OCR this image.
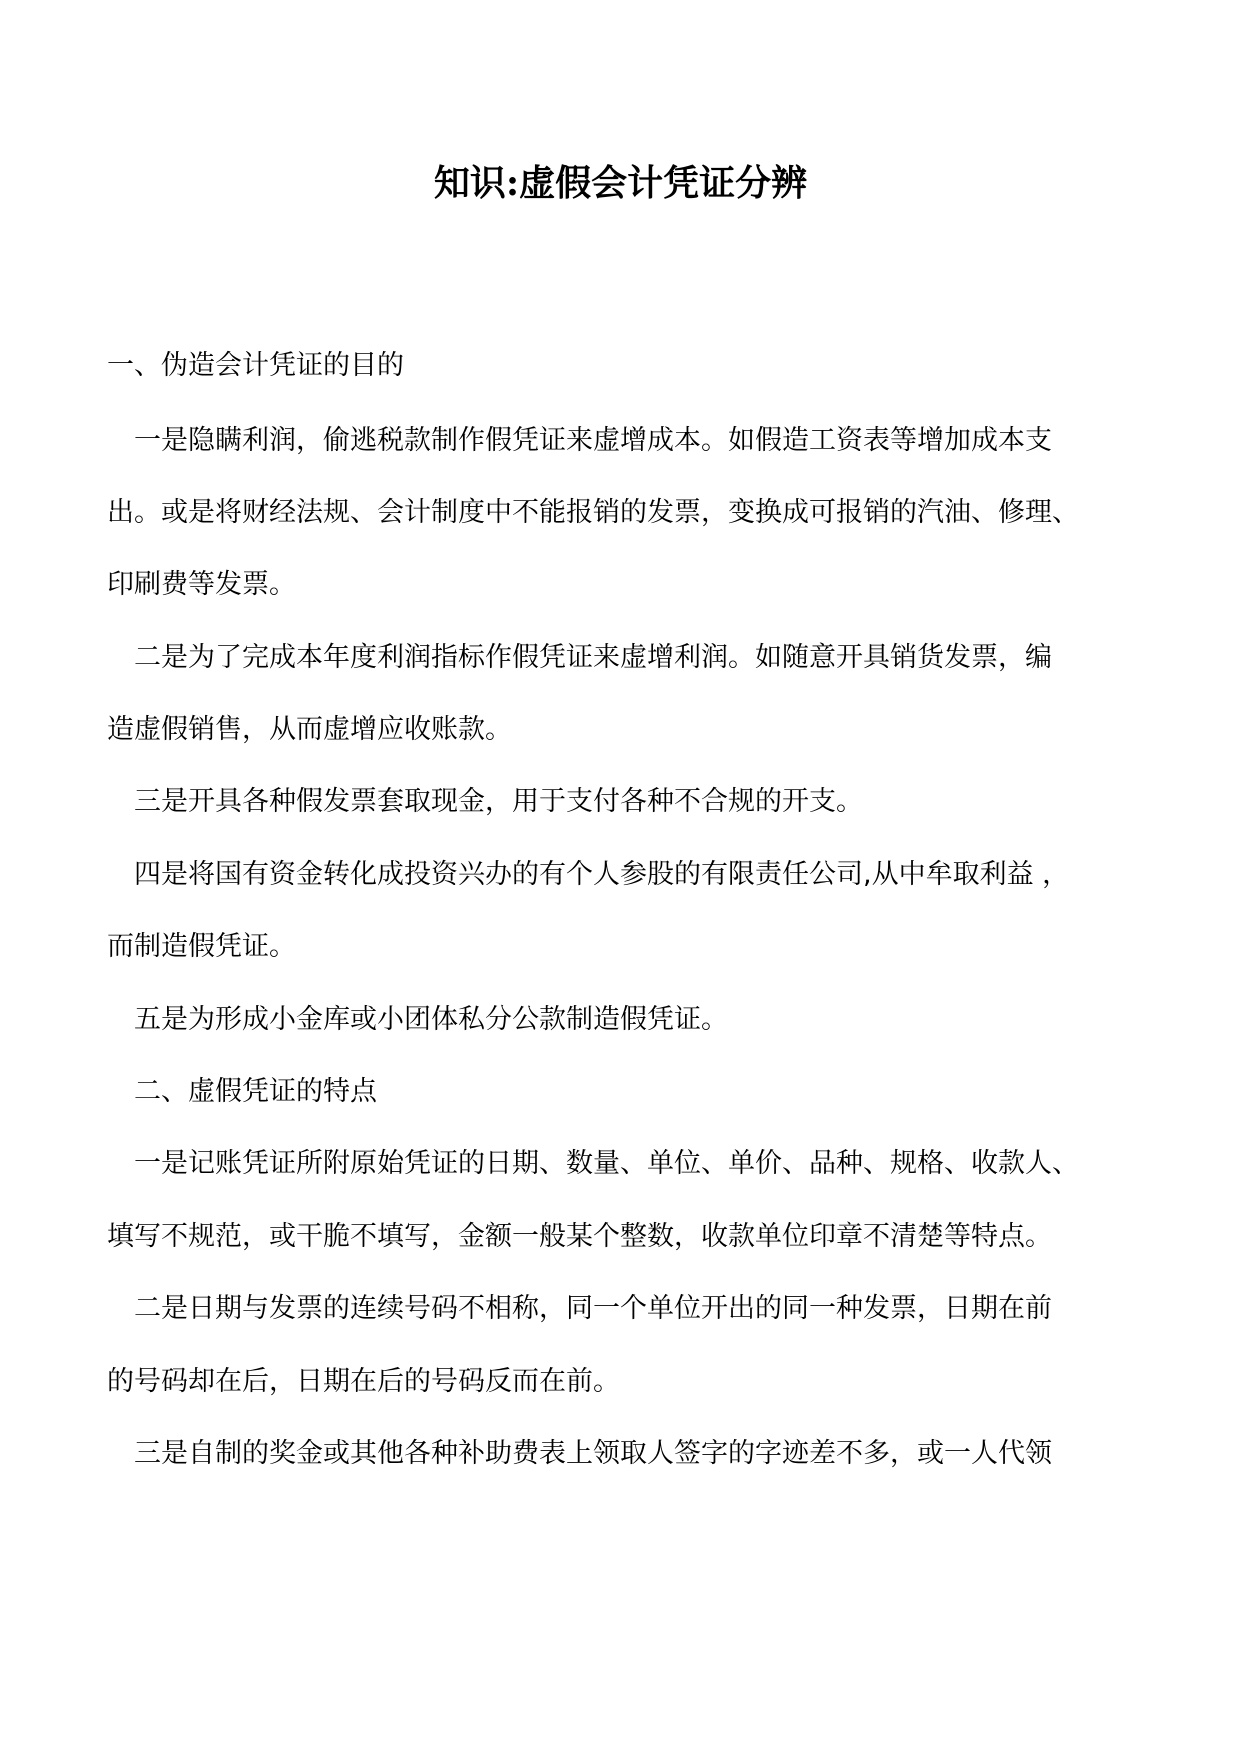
知识:虚假会计凭证分辨
一、伪造会计凭证的目的
一是隐瞒利润，偷逃税款制作假凭证来虚增成本。如假造工资表等增加成本支
出。或是将财经法规、会计制度中不能报销的发票，变换成可报销的汽油、修理、
印刷费等发票。
二是为了完成本年度利润指标作假凭证来虚增利润。如随意开具销货发票，编
造虚假销售，从而虚增应收账款。
三是开具各种假发票套取现金，用于支付各种不合规的开支。
四是将国有资金转化成投资兴办的有个人参股的有限责任公司,从中牟取利益 ，
而制造假凭证。
五是为形成小金库或小团体私分公款制造假凭证。
二、虚假凭证的特点
一是记账凭证所附原始凭证的日期、数量、单位、单价、品种、规格、收款人、
填写不规范，或干脆不填写，金额一般某个整数，收款单位印章不清楚等特点。
二是日期与发票的连续号码不相称，同一个单位开出的同一种发票，日期在前
的号码却在后，日期在后的号码反而在前。
三是自制的奖金或其他各种补助费表上领取人签字的字迹差不多，或一人代领
